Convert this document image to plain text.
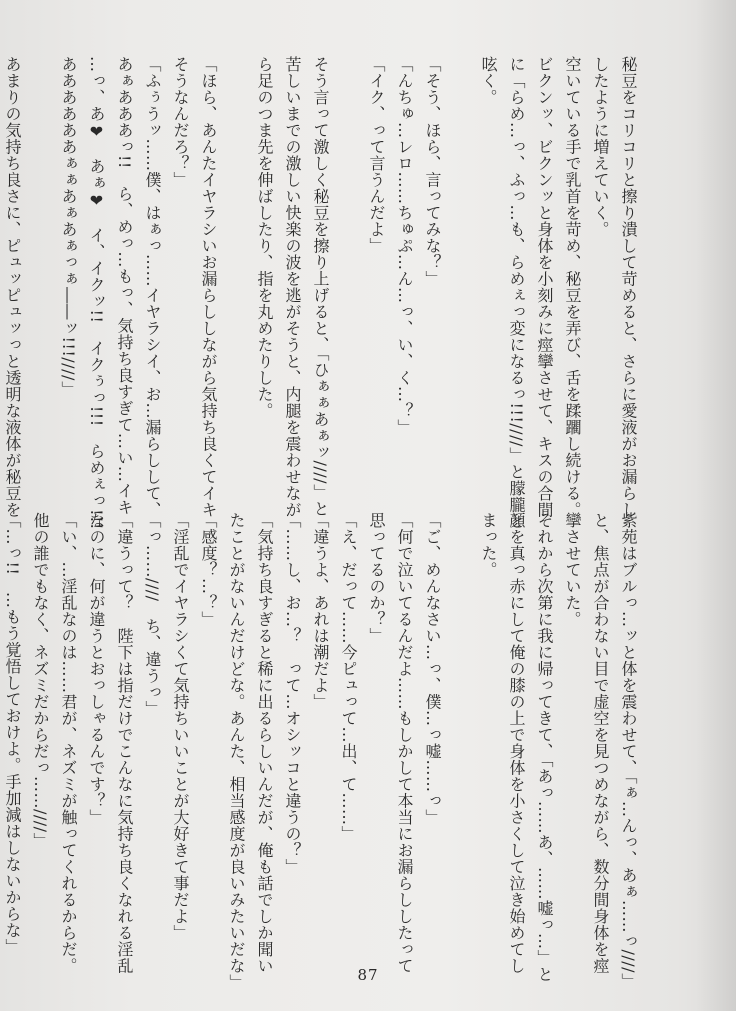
秘豆をコリコリと擦り潰して苛めると、さらに愛液がお漏らし
したように増えていく。
空いている手で乳首を苛め、秘豆を弄び、舌を蹂躙し続ける。
ビクンッ、ビクンッと身体を小刻みに痙攣させて、キスの合間
に「らめ…っ、ふっ…も、らめぇっ変になるっ!!!////」と朦朧と
呟く。

「そう、ほら、言ってみな？」
「んちゅ…レロ……ちゅぷ…ん…っ、い、く…？」
「イク、って言うんだよ」

そう言って激しく秘豆を擦り上げると、「ひぁぁあぁッ////」と
苦しいまでの激しい快楽の波を逃がそうと、内腿を震わせなが
ら足のつま先を伸ばしたり、指を丸めたりした。

「ほら、あんたイヤラシいお漏らししながら気持ち良くてイキ
そうなんだろ？」
「ふぅうッ……僕、はぁっ……イヤラシイ、お…漏らしして、
あぁあああっ!!　ら、めっ…もっ、気持ち良すぎて…い…イキ
…っ、あ❤　あぁ❤　イ、イクッ!!　イクぅっ!!!　らめぇっ!!!
ああああああぁぁあぁあぁっぁ――ッ!!!////」

あまりの気持ち良さに、ピュッピュッっと透明な液体が秘豆を
紫苑はブルっ…ッと体を震わせて、「ぁ…んっ、あぁ……っ////」
と、焦点が合わない目で虚空を見つめながら、数分間身体を痙
攣させていた。
それから次第に我に帰ってきて、「あっ……あ、……嘘っ…」と
顔を真っ赤にして俺の膝の上で身体を小さくして泣き始めてし
まった。

「ご、めんなさい…っ、僕…っ嘘……っ」
「何で泣いてるんだよ……もしかして本当にお漏らししたって
思ってるのか？」
「え、だって……今ピュって…出、て……」
「違うよ、あれは潮だよ」
「……し、お…？　って…オシッコと違うの？」
「気持ち良すぎると稀に出るらしいんだが、俺も話でしか聞い
たことがないんだけどな。あんた、相当感度が良いみたいだな」
「感度？…？」
「淫乱でイヤラシくて気持ちいいことが大好きて事だよ」
「っ……////　ち、違うっ」
「違うって？　陛下は指だけでこんなに気持ち良くなれる淫乱
なのに、何が違うとおっしゃるんです？」
「い、…淫乱なのは……君が、ネズミが触ってくれるからだ。
他の誰でもなく、ネズミだからだっ……////」
「…っ!!　…もう覚悟しておけよ。手加減はしないからな」
87
